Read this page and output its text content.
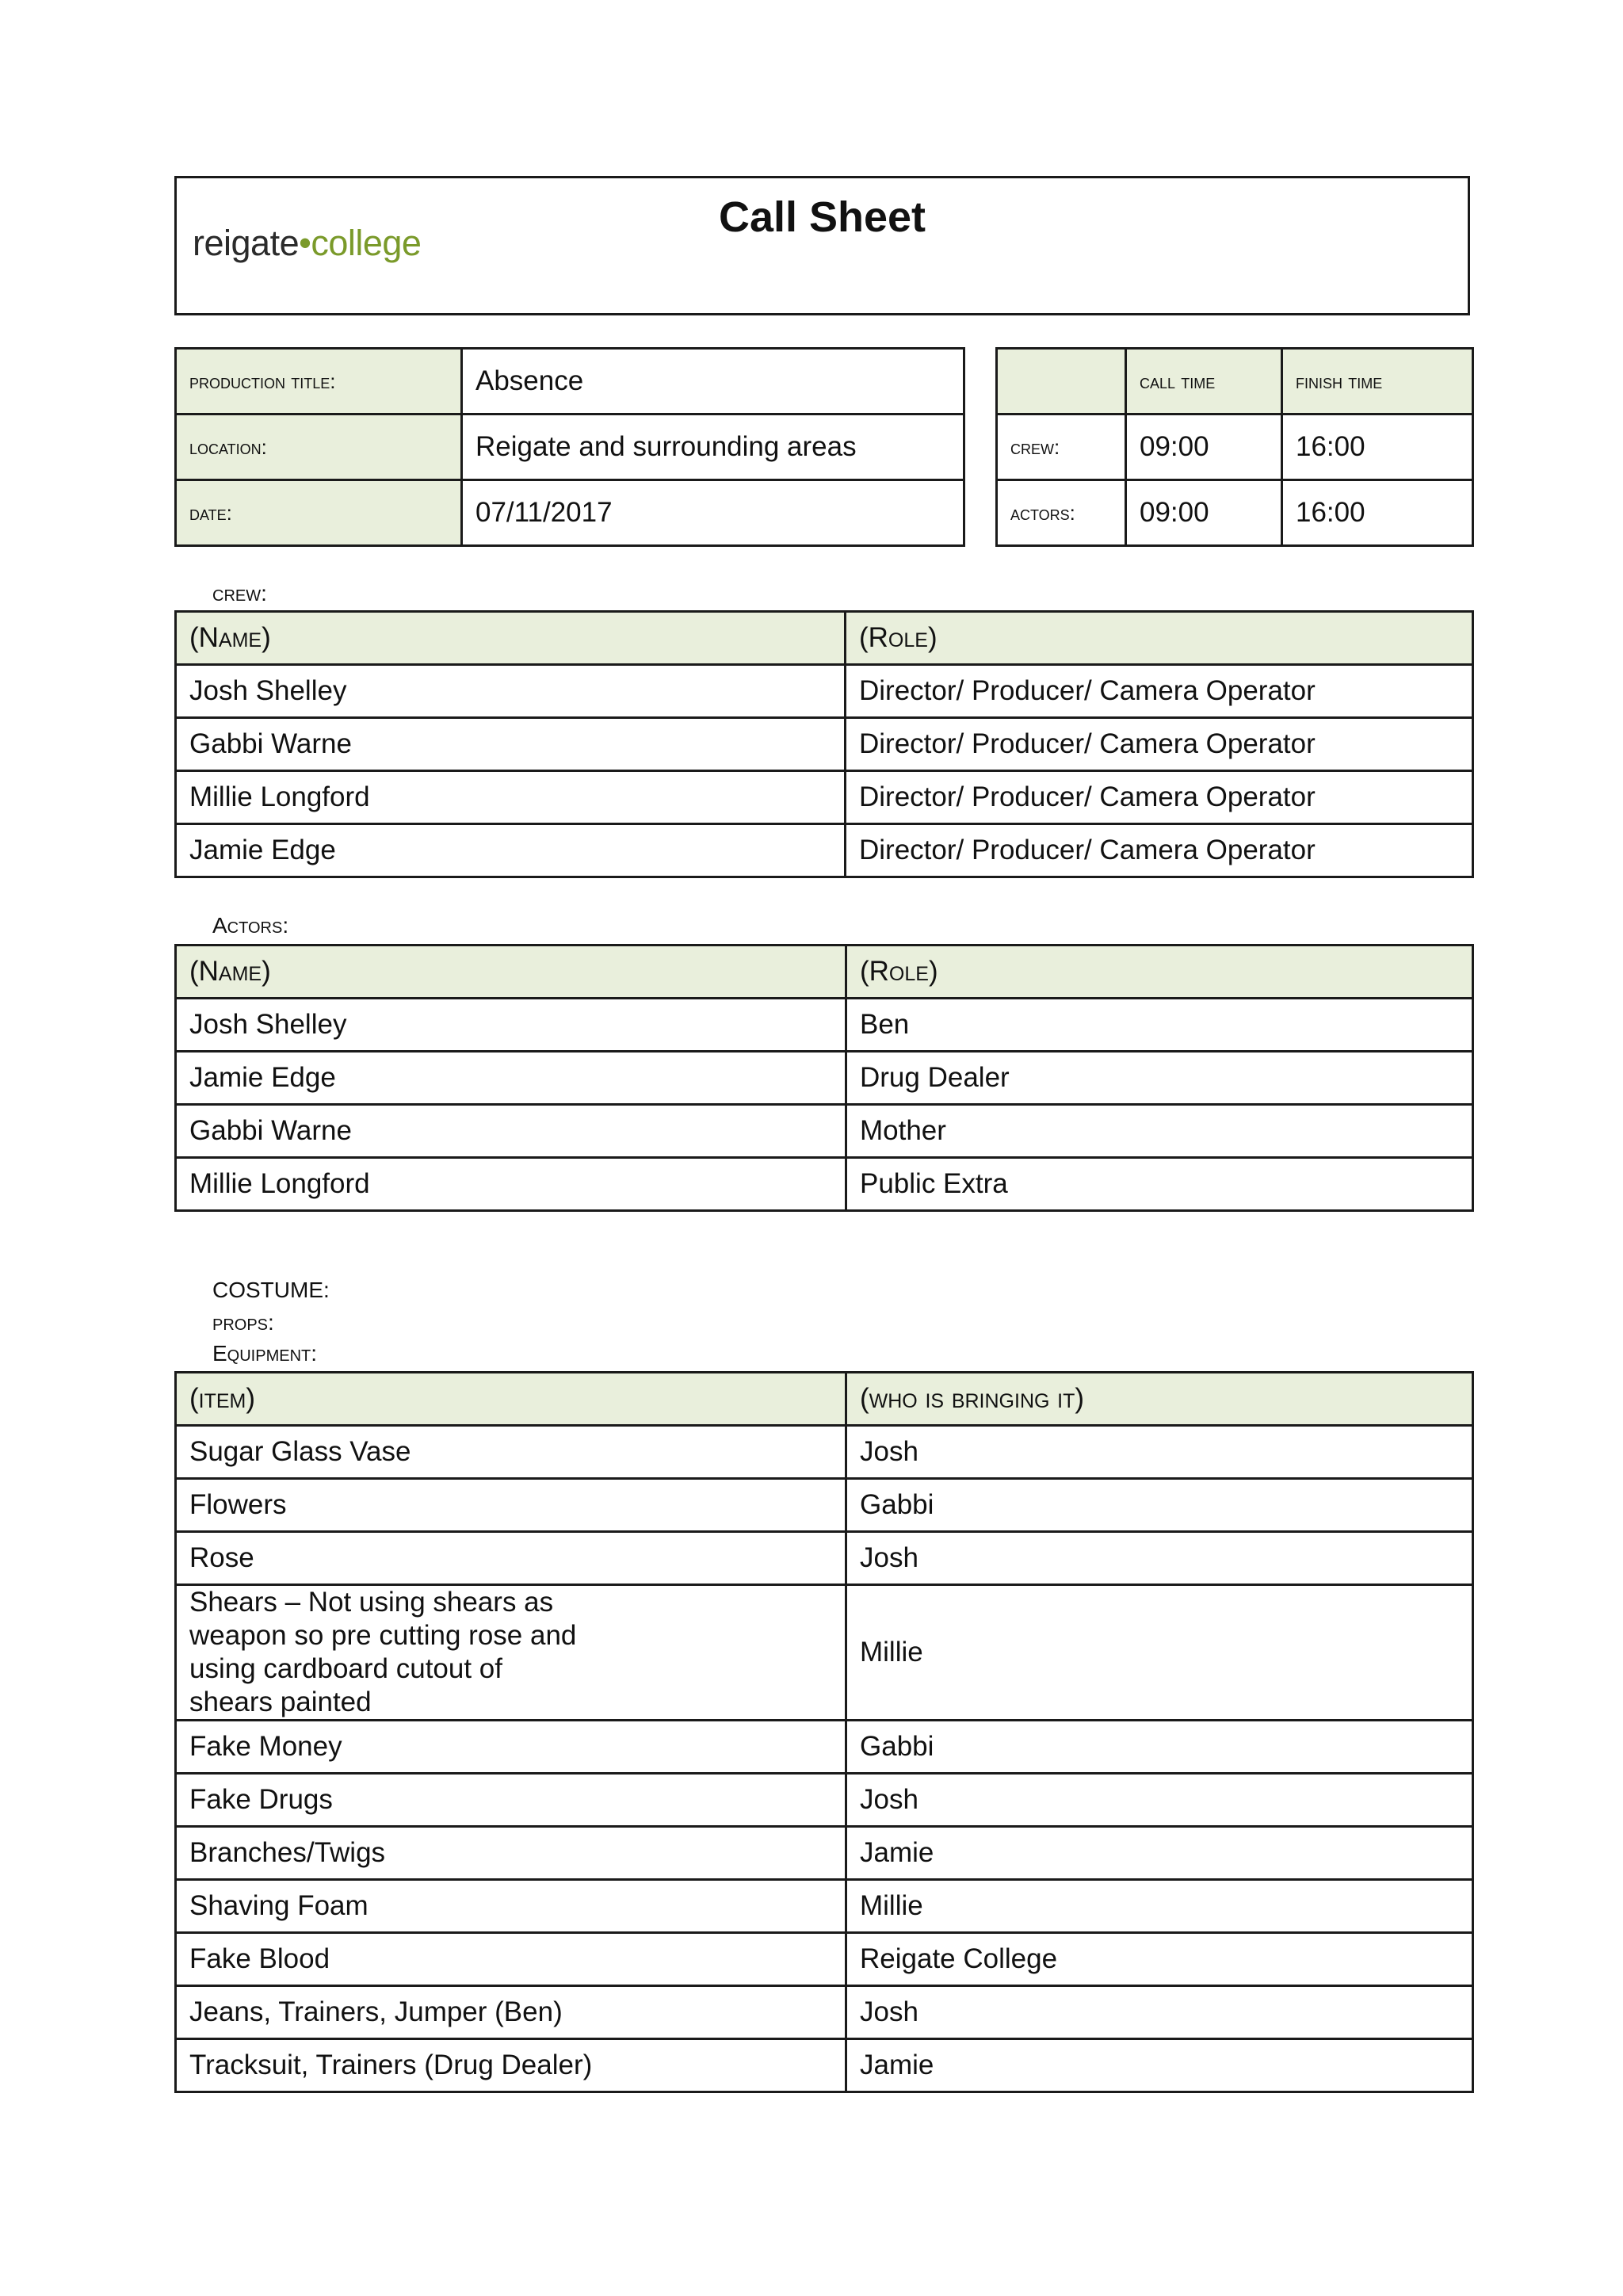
reigate•college
Call Sheet
production title:	Absence
location:	Reigate and surrounding areas
date:	07/11/2017
	call time	finish time
crew:	09:00	16:00
actors:	09:00	16:00
crew:
(Name)	(Role)
Josh Shelley	Director/ Producer/ Camera Operator
Gabbi Warne	Director/ Producer/ Camera Operator
Millie Longford	Director/ Producer/ Camera Operator
Jamie Edge	Director/ Producer/ Camera Operator
Actors:
(Name)	(Role)
Josh Shelley	Ben
Jamie Edge	Drug Dealer
Gabbi Warne	Mother
Millie Longford	Public Extra
COSTUME:
props:
Equipment:
(item)	(who is bringing it)
Sugar Glass Vase	Josh
Flowers	Gabbi
Rose	Josh

Shears – Not using shears as
weapon so pre cutting rose and
using cardboard cutout of
shears painted	Millie
Fake Money	Gabbi
Fake Drugs	Josh
Branches/Twigs	Jamie
Shaving Foam	Millie
Fake Blood	Reigate College
Jeans, Trainers, Jumper (Ben)	Josh
Tracksuit, Trainers (Drug Dealer)	Jamie
